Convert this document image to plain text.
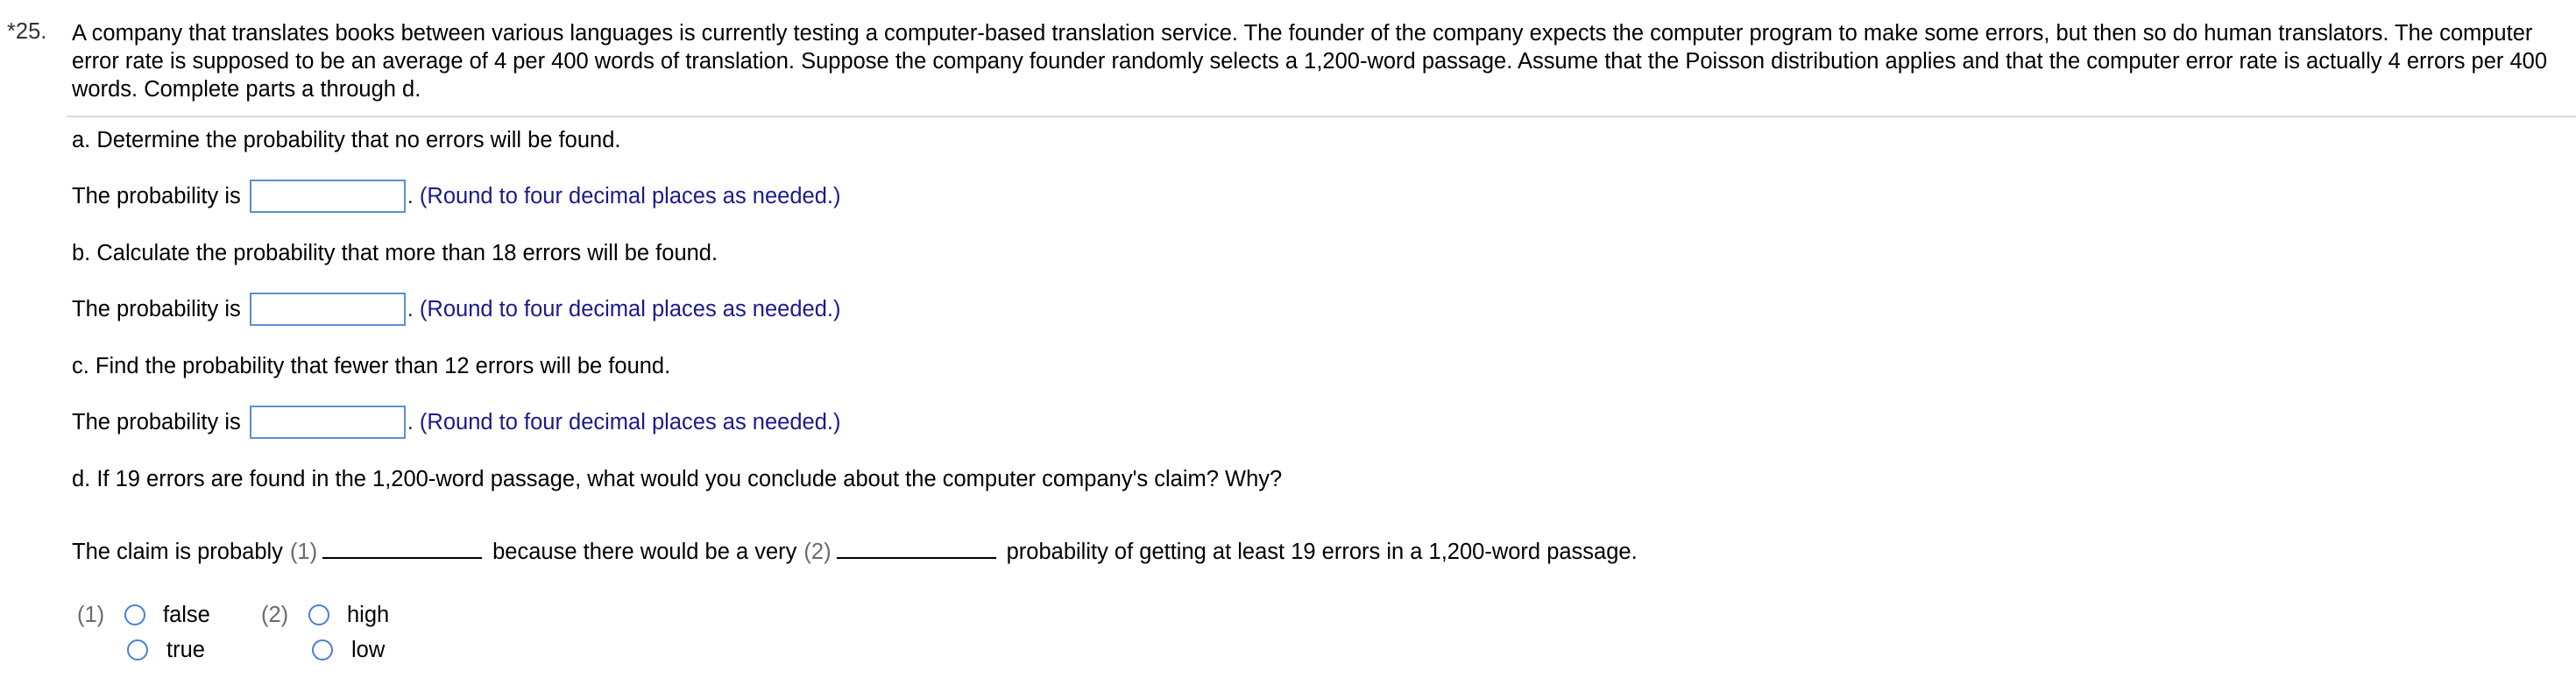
*25. A company that translates books between various languages is currently testing a computer-based translation service. The founder of the company expects the computer program to make some errors, but then so do human translators. The computer error rate is supposed to be an average of 4 per 400 words of translation. Suppose the company founder randomly selects a 1,200-word passage. Assume that the Poisson distribution applies and that the computer error rate is actually 4 errors per 400 words. Complete parts a through d.
a. Determine the probability that no errors will be found.
The probability is	. (Round to four decimal places as needed.)
b. Calculate the probability that more than 18 errors will be found.
The probability is	. (Round to four decimal places as needed.)
c. Find the probability that fewer than 12 errors will be found.
The probability is	. (Round to four decimal places as needed.)
d. If 19 errors are found in the 1,200-word passage, what would you conclude about the computer company's claim? Why?
The claim is probably (1)	because there would be a very (2)	probability of getting at least 19 errors in a 1,200-word passage.
(1)	false
true
(2)	high
low
